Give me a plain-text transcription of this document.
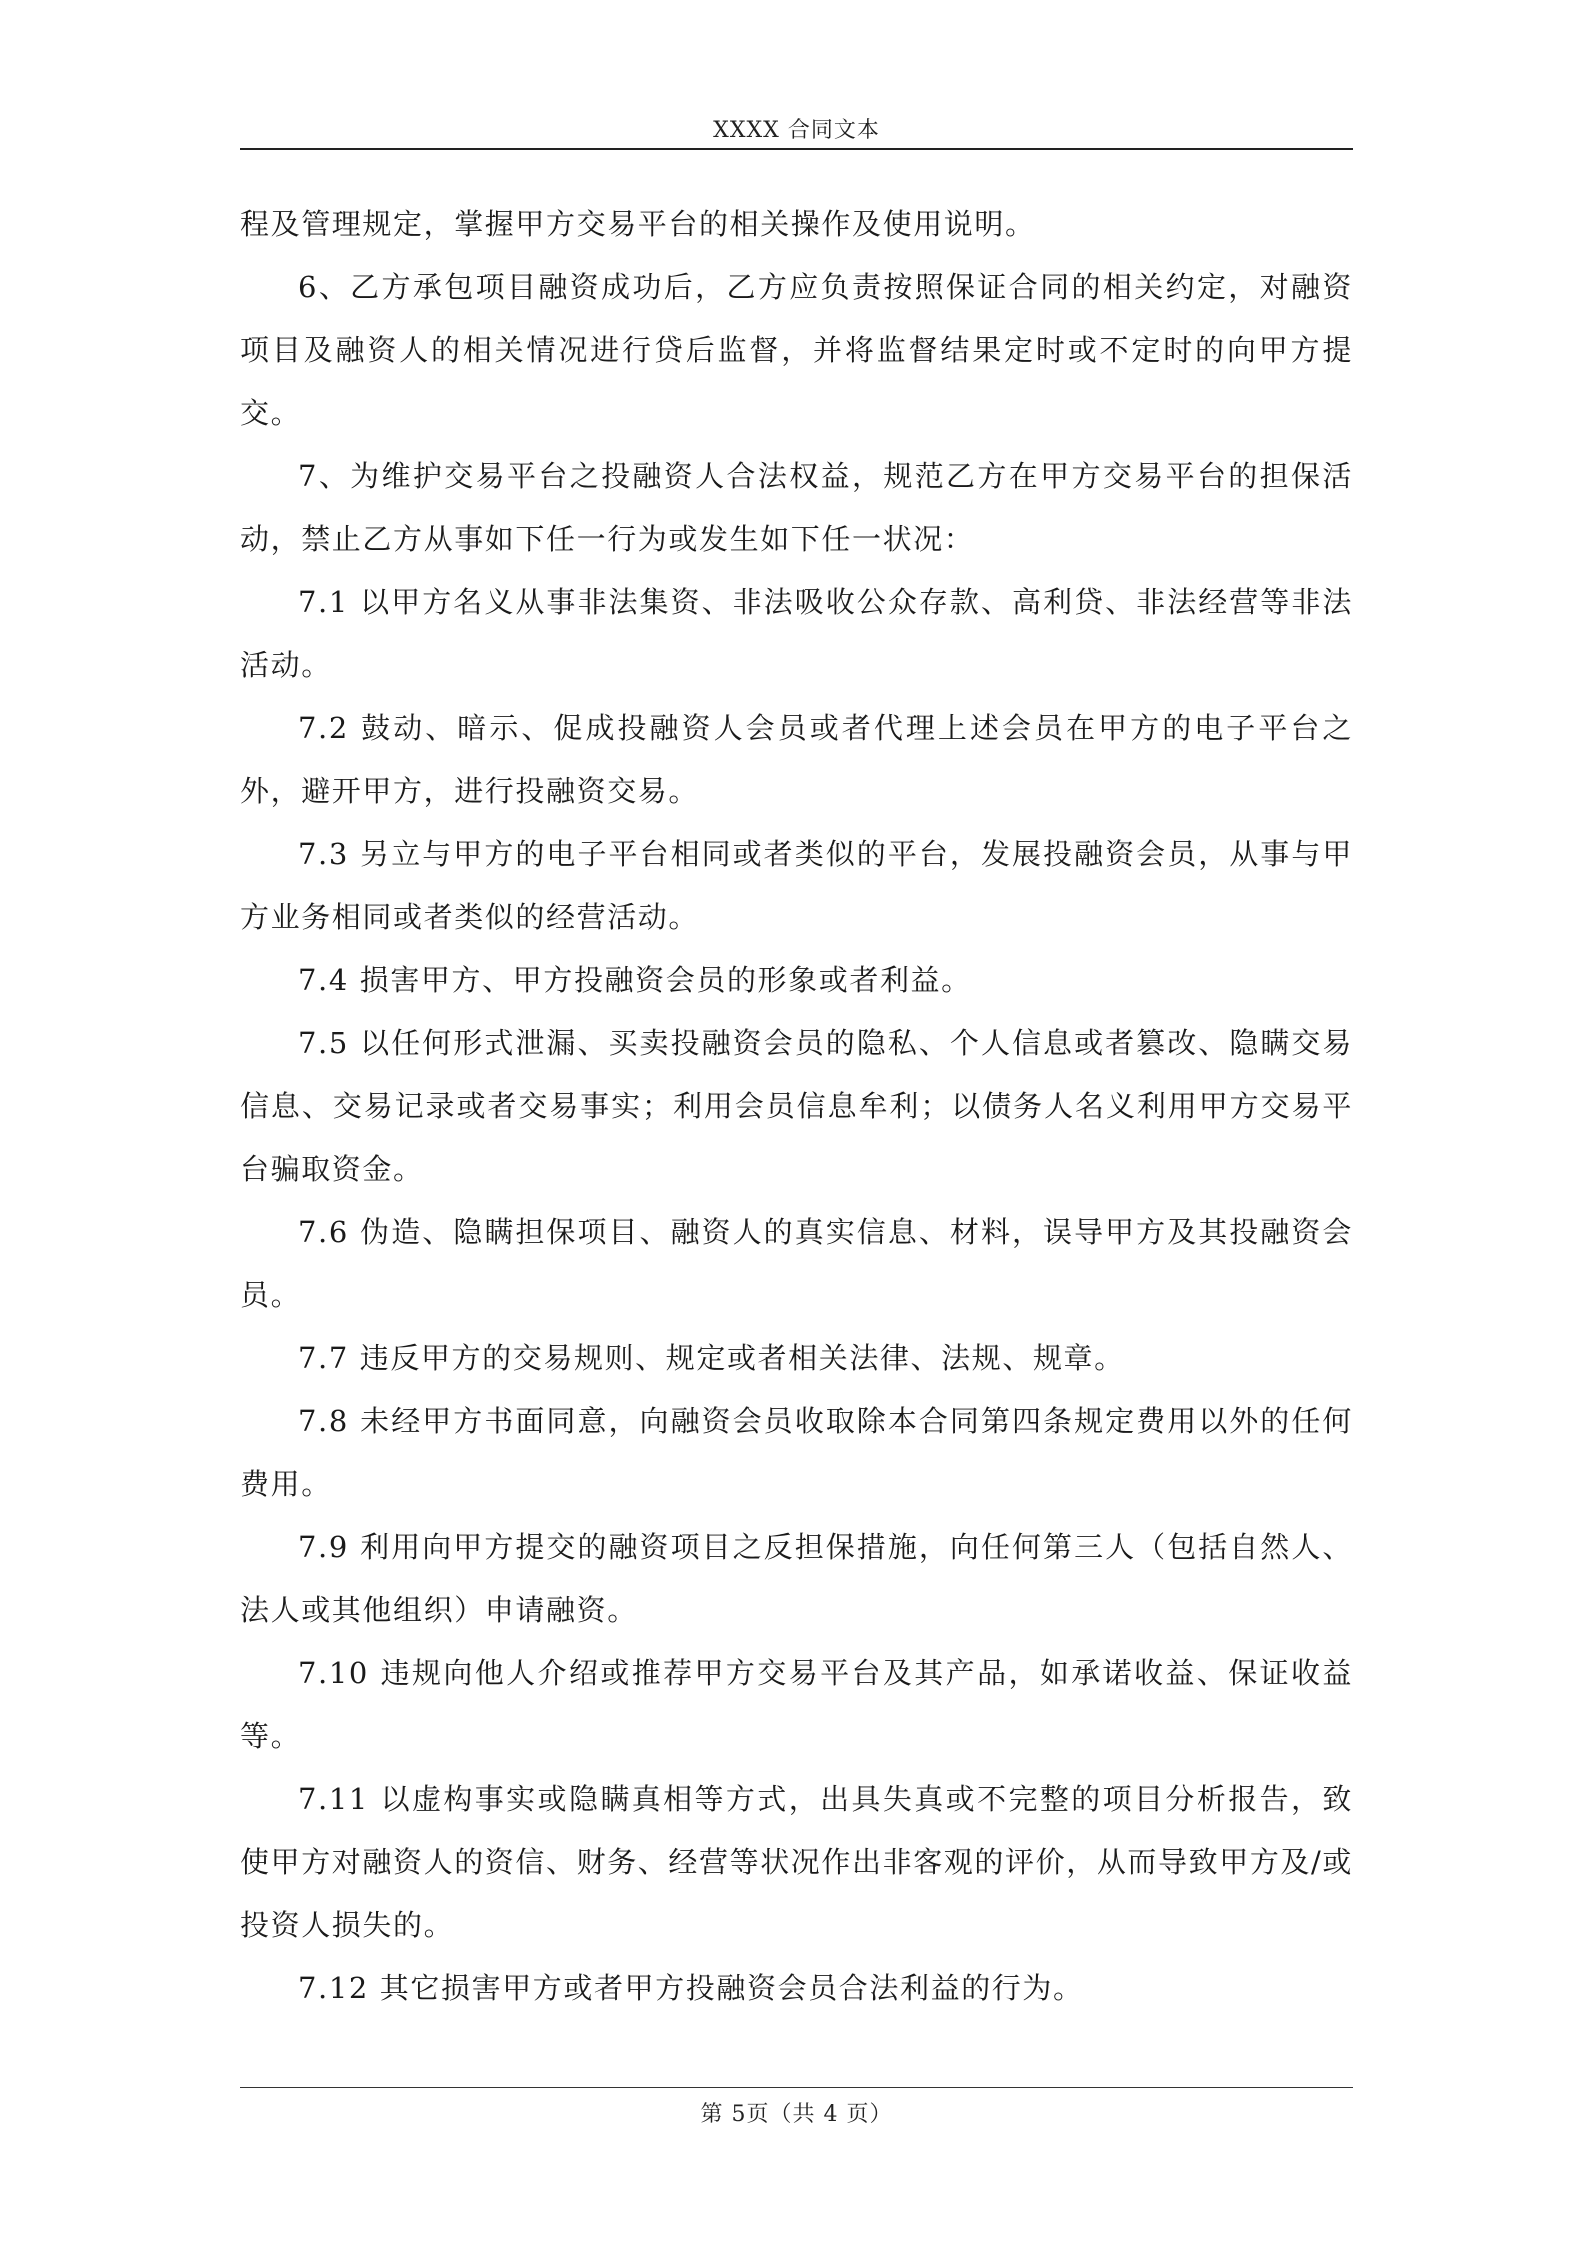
XXXX 合同文本

程及管理规定，掌握甲方交易平台的相关操作及使用说明。

6、乙方承包项目融资成功后，乙方应负责按照保证合同的相关约定，对融资项目及融资人的相关情况进行贷后监督，并将监督结果定时或不定时的向甲方提交。

7、为维护交易平台之投融资人合法权益，规范乙方在甲方交易平台的担保活动，禁止乙方从事如下任一行为或发生如下任一状况：

7.1 以甲方名义从事非法集资、非法吸收公众存款、高利贷、非法经营等非法活动。

7.2 鼓动、暗示、促成投融资人会员或者代理上述会员在甲方的电子平台之外，避开甲方，进行投融资交易。

7.3 另立与甲方的电子平台相同或者类似的平台，发展投融资会员，从事与甲方业务相同或者类似的经营活动。

7.4 损害甲方、甲方投融资会员的形象或者利益。

7.5 以任何形式泄漏、买卖投融资会员的隐私、个人信息或者篡改、隐瞒交易信息、交易记录或者交易事实；利用会员信息牟利；以债务人名义利用甲方交易平台骗取资金。

7.6 伪造、隐瞒担保项目、融资人的真实信息、材料，误导甲方及其投融资会员。

7.7 违反甲方的交易规则、规定或者相关法律、法规、规章。

7.8 未经甲方书面同意，向融资会员收取除本合同第四条规定费用以外的任何费用。

7.9 利用向甲方提交的融资项目之反担保措施，向任何第三人（包括自然人、法人或其他组织）申请融资。

7.10 违规向他人介绍或推荐甲方交易平台及其产品，如承诺收益、保证收益等。

7.11 以虚构事实或隐瞒真相等方式，出具失真或不完整的项目分析报告，致使甲方对融资人的资信、财务、经营等状况作出非客观的评价，从而导致甲方及/或投资人损失的。

7.12 其它损害甲方或者甲方投融资会员合法利益的行为。

第 5页（共 4 页）
